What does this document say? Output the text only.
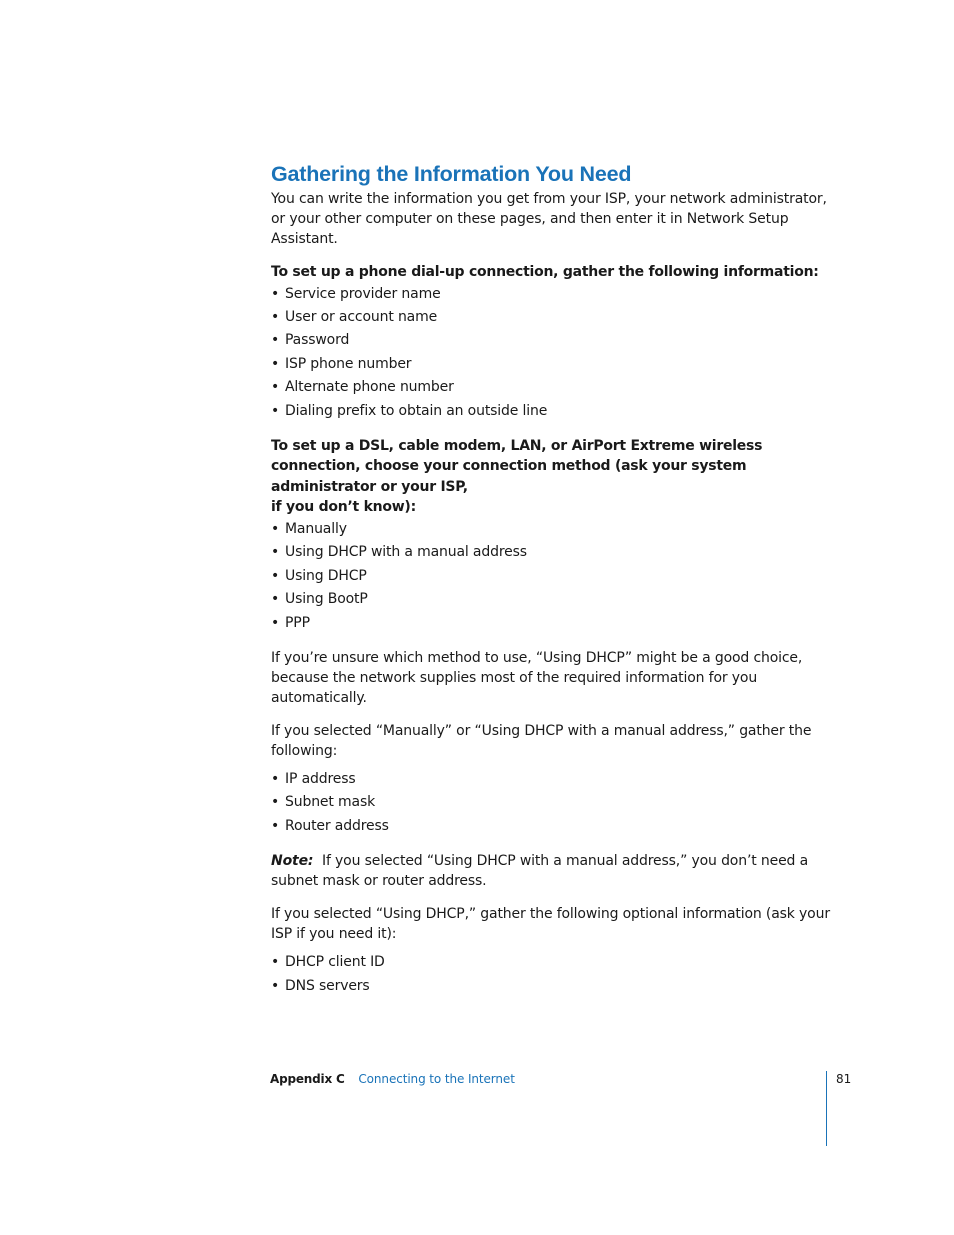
Gathering the Information You Need

You can write the information you get from your ISP, your network administrator, or your other computer on these pages, and then enter it in Network Setup Assistant.

To set up a phone dial-up connection, gather the following information:

• Service provider name
• User or account name
• Password
• ISP phone number
• Alternate phone number
• Dialing prefix to obtain an outside line

To set up a DSL, cable modem, LAN, or AirPort Extreme wireless connection, choose your connection method (ask your system administrator or your ISP,
if you don’t know):

• Manually
• Using DHCP with a manual address
• Using DHCP
• Using BootP
• PPP

If you’re unsure which method to use, “Using DHCP” might be a good choice, because the network supplies most of the required information for you automatically.

If you selected “Manually” or “Using DHCP with a manual address,” gather the following:

• IP address
• Subnet mask
• Router address

Note: If you selected “Using DHCP with a manual address,” you don’t need a subnet mask or router address.

If you selected “Using DHCP,” gather the following optional information (ask your ISP if you need it):

• DHCP client ID
• DNS servers
Appendix C Connecting to the Internet	81
